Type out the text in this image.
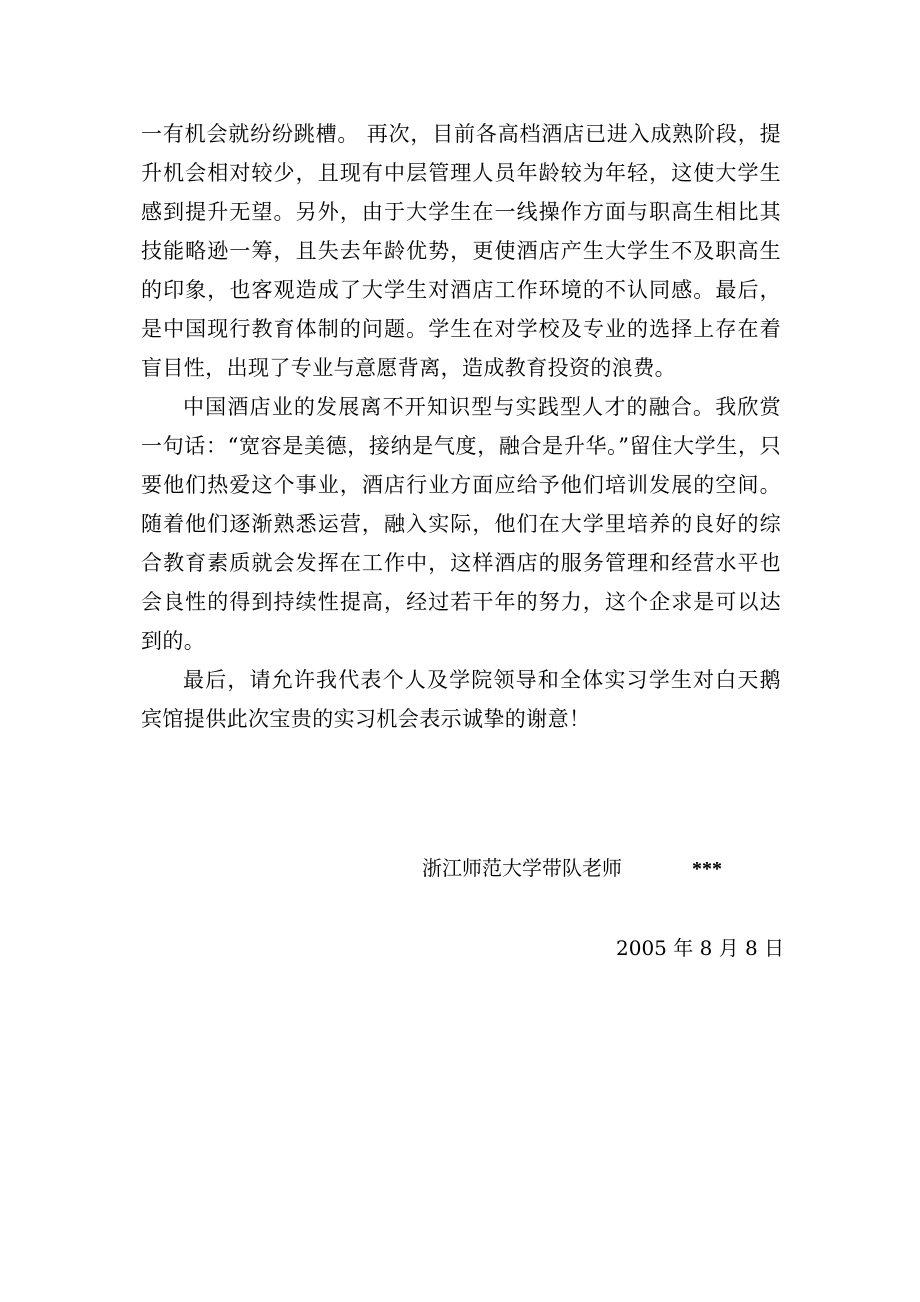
一有机会就纷纷跳槽。 再次，目前各高档酒店已进入成熟阶段，提升机会相对较少，且现有中层管理人员年龄较为年轻，这使大学生感到提升无望。另外，由于大学生在一线操作方面与职高生相比其技能略逊一筹，且失去年龄优势，更使酒店产生大学生不及职高生的印象，也客观造成了大学生对酒店工作环境的不认同感。最后，是中国现行教育体制的问题。学生在对学校及专业的选择上存在着盲目性，出现了专业与意愿背离，造成教育投资的浪费。

中国酒店业的发展离不开知识型与实践型人才的融合。我欣赏一句话：“宽容是美德，接纳是气度，融合是升华。”留住大学生，只要他们热爱这个事业，酒店行业方面应给予他们培训发展的空间。随着他们逐渐熟悉运营，融入实际，他们在大学里培养的良好的综合教育素质就会发挥在工作中，这样酒店的服务管理和经营水平也会良性的得到持续性提高，经过若干年的努力，这个企求是可以达到的。

最后，请允许我代表个人及学院领导和全体实习学生对白天鹅宾馆提供此次宝贵的实习机会表示诚挚的谢意！

浙江师范大学带队老师	***
2005 年 8 月 8 日
